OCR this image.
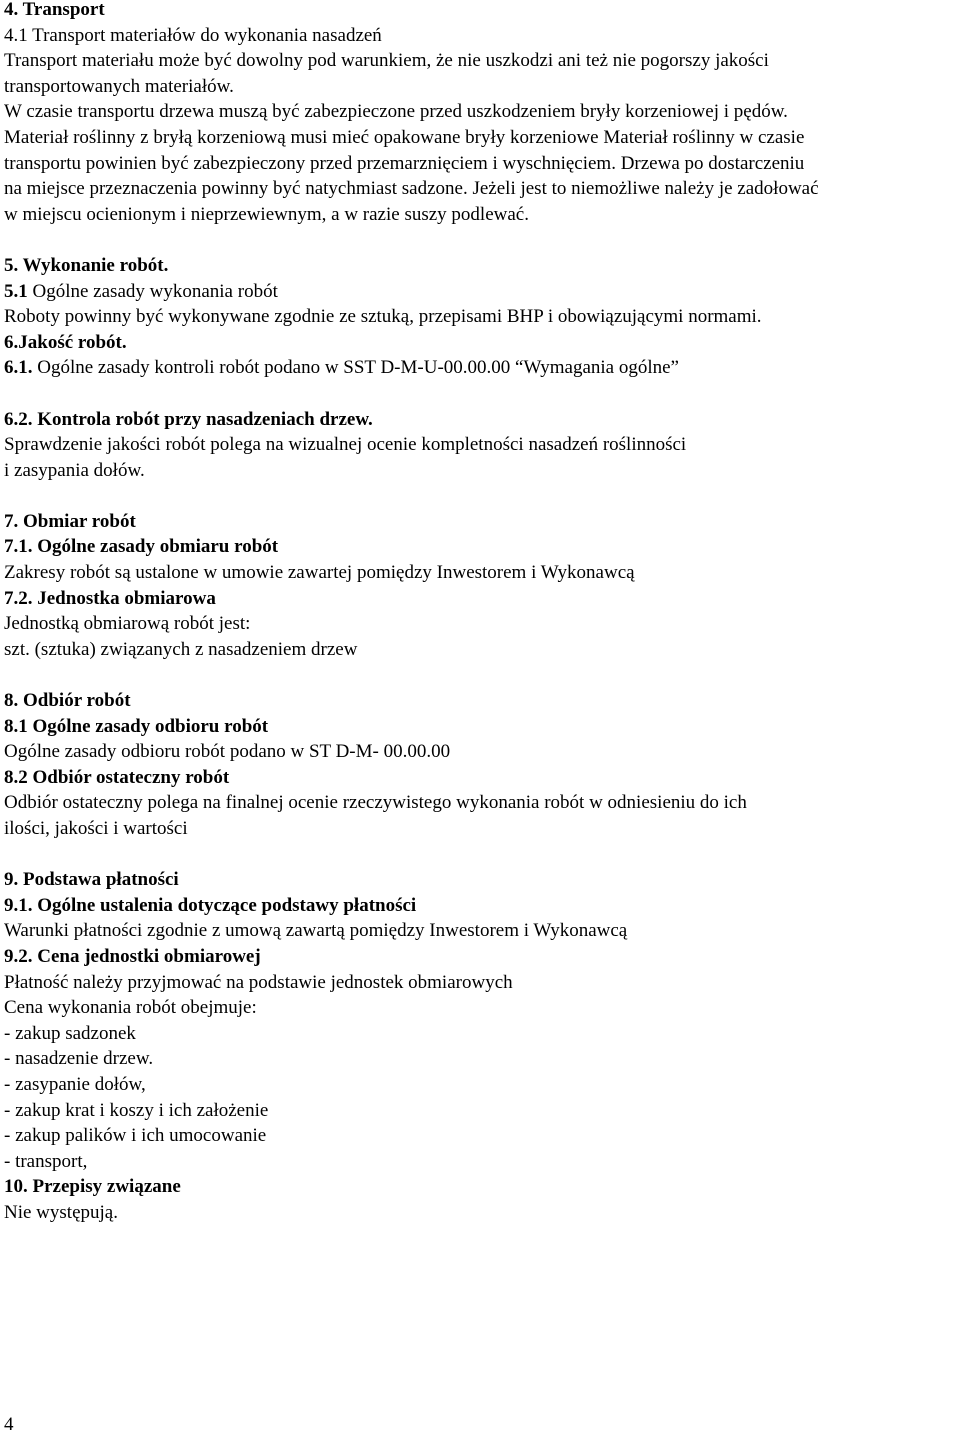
4. Transport
4.1 Transport materiałów do wykonania nasadzeń
Transport materiału może być dowolny pod warunkiem, że nie uszkodzi ani też nie pogorszy jakości
transportowanych materiałów.
W czasie transportu drzewa muszą być zabezpieczone przed uszkodzeniem bryły korzeniowej i pędów.
Materiał roślinny z bryłą korzeniową musi mieć opakowane bryły korzeniowe Materiał roślinny w czasie
transportu powinien być zabezpieczony przed przemarznięciem i wyschnięciem. Drzewa po dostarczeniu
na miejsce przeznaczenia powinny być natychmiast sadzone. Jeżeli jest to niemożliwe należy je zadołować
w miejscu ocienionym i nieprzewiewnym, a w razie suszy podlewać.
5. Wykonanie robót.
5.1 Ogólne zasady wykonania robót
Roboty powinny być wykonywane zgodnie ze sztuką, przepisami BHP i obowiązującymi normami.
6.Jakość robót.
6.1. Ogólne zasady kontroli robót podano w SST D-M-U-00.00.00 “Wymagania ogólne”
6.2. Kontrola robót przy nasadzeniach drzew.
Sprawdzenie jakości robót polega na wizualnej ocenie kompletności nasadzeń roślinności
i zasypania dołów.
7. Obmiar robót
7.1. Ogólne zasady obmiaru robót
Zakresy robót są ustalone w umowie zawartej pomiędzy Inwestorem i Wykonawcą
7.2. Jednostka obmiarowa
Jednostką obmiarową robót jest:
szt. (sztuka) związanych z nasadzeniem drzew
8. Odbiór robót
8.1 Ogólne zasady odbioru robót
Ogólne zasady odbioru robót podano w ST D-M- 00.00.00
8.2 Odbiór ostateczny robót
Odbiór ostateczny polega na finalnej ocenie rzeczywistego wykonania robót w odniesieniu do ich
ilości, jakości i wartości
9. Podstawa płatności
9.1. Ogólne ustalenia dotyczące podstawy płatności
Warunki płatności zgodnie z umową zawartą pomiędzy Inwestorem i Wykonawcą
9.2. Cena jednostki obmiarowej
Płatność należy przyjmować na podstawie jednostek obmiarowych
Cena wykonania robót obejmuje:
- zakup sadzonek
- nasadzenie drzew.
- zasypanie dołów,
- zakup krat i koszy i ich założenie
- zakup palików i ich umocowanie
- transport,
10. Przepisy związane
Nie występują.
4
